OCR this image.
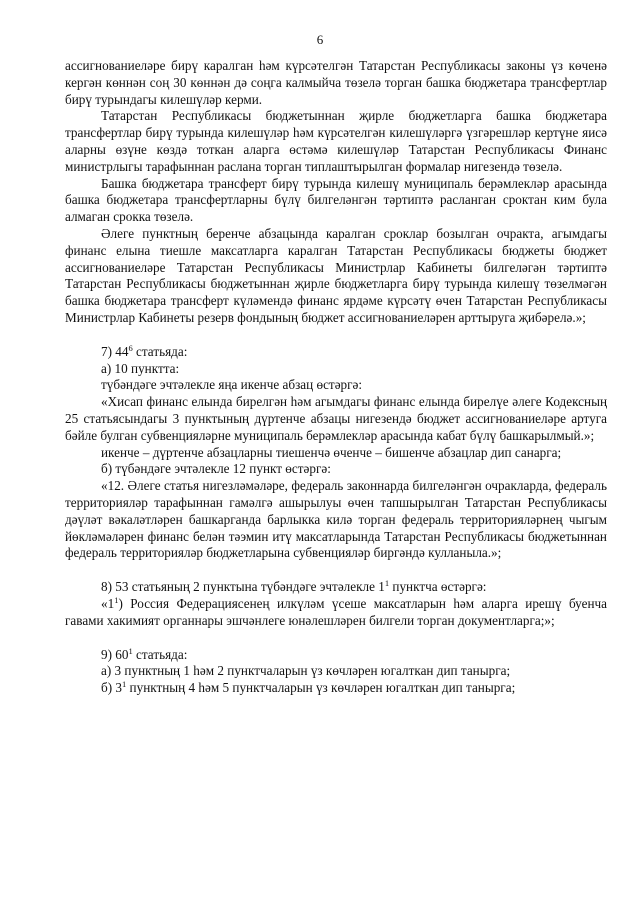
6

ассигнованиеләре бирү каралган һәм күрсәтелгән Татарстан Республикасы законы үз көченә кергән көннән соң 30 көннән дә соңга калмыйча төзелә торган башка бюджетара трансфертлар бирү турындагы килешүләр керми.

Татарстан Республикасы бюджетыннан җирле бюджетларга башка бюджетара трансфертлар бирү турында килешүләр һәм күрсәтелгән килешүләргә үзгәрешләр кертүне яисә аларны өзүне көздә тоткан аларга өстәмә килешүләр Татарстан Республикасы Финанс министрлыгы тарафыннан раслана торган типлаштырылган формалар нигезендә төзелә.

Башка бюджетара трансферт бирү турында килешү муниципаль берәмлекләр арасында башка бюджетара трансфертларны бүлү билгеләнгән тәртиптә расланган сроктан ким була алмаган срокка төзелә.

Әлеге пунктның беренче абзацында каралган сроклар бозылган очракта, агымдагы финанс елына тиешле максатларга каралган Татарстан Республикасы бюджеты бюджет ассигнованиеләре Татарстан Республикасы Министрлар Кабинеты билгеләгән тәртиптә Татарстан Республикасы бюджетыннан җирле бюджетларга бирү турында килешү төзелмәгән башка бюджетара трансферт күләмендә финанс ярдәме күрсәтү өчен Татарстан Республикасы Министрлар Кабинеты резерв фондының бюджет ассигнованиеләрен арттыруга җибәрелә.»;

7) $44^6$ статьяда:

а) 10 пунктта:

түбәндәге эчтәлекле яңа икенче абзац өстәргә:

«Хисап финанс елында бирелгән һәм агымдагы финанс елында бирелүе әлеге Кодексның 25 статьясындагы 3 пунктының дүртенче абзацы нигезендә бюджет ассигнованиеләре артуга бәйле булган субвенцияләрне муниципаль берәмлекләр арасында кабат бүлү башкарылмый.»;

икенче – дүртенче абзацларны тиешенчә өченче – бишенче абзацлар дип санарга;

б) түбәндәге эчтәлекле 12 пункт өстәргә:

«12. Әлеге статья нигезләмәләре, федераль законнарда билгеләнгән очракларда, федераль территорияләр тарафыннан гамәлгә ашырылуы өчен тапшырылган Татарстан Республикасы дәүләт вәкаләтләрен башкарганда барлыкка килә торган федераль территорияләрнең чыгым йөкләмәләрен финанс белән тәэмин итү максатларында Татарстан Республикасы бюджетыннан федераль территорияләр бюджетларына субвенцияләр биргәндә кулланыла.»;

8) 53 статьяның 2 пунктына түбәндәге эчтәлекле $1^1$ пунктча өстәргә:

«$1^1$) Россия Федерациясенең илкүләм үсеше максатларын һәм аларга ирешү буенча гавами хакимият органнары эшчәнлеге юнәлешләрен билгели торган документларга;»;

9) $60^1$ статьяда:

а) 3 пунктның 1 һәм 2 пунктчаларын үз көчләрен югалткан дип танырга;

б) $3^1$ пунктның 4 һәм 5 пунктчаларын үз көчләрен югалткан дип танырга;
